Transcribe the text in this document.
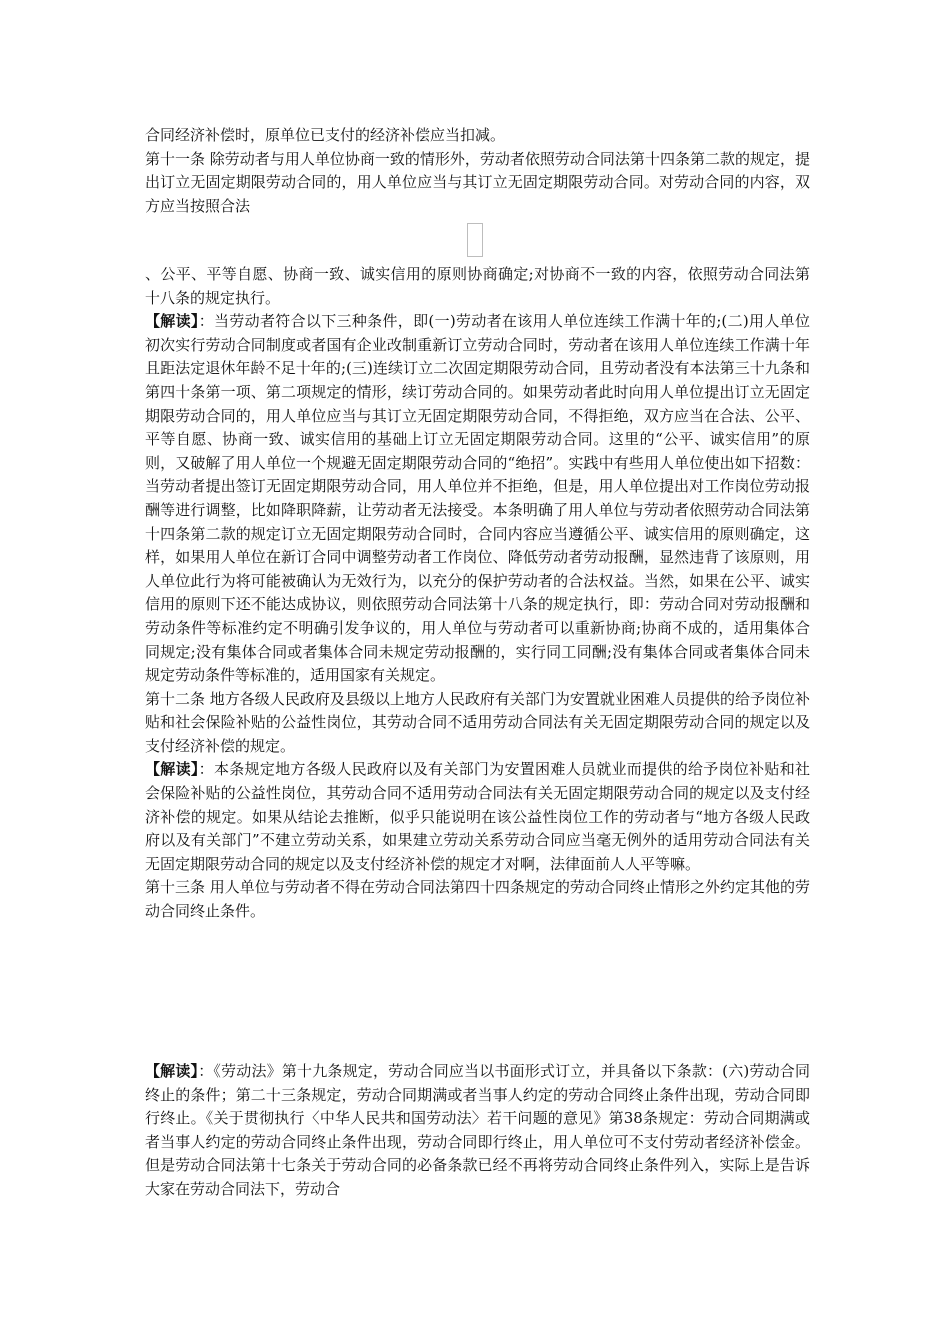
合同经济补偿时，原单位已支付的经济补偿应当扣减。

第十一条 除劳动者与用人单位协商一致的情形外，劳动者依照劳动合同法第十四条第二款的规定，提出订立无固定期限劳动合同的，用人单位应当与其订立无固定期限劳动合同。对劳动合同的内容，双方应当按照合法

、公平、平等自愿、协商一致、诚实信用的原则协商确定;对协商不一致的内容，依照劳动合同法第十八条的规定执行。

【解读】：当劳动者符合以下三种条件，即(一)劳动者在该用人单位连续工作满十年的;(二)用人单位初次实行劳动合同制度或者国有企业改制重新订立劳动合同时，劳动者在该用人单位连续工作满十年且距法定退休年龄不足十年的;(三)连续订立二次固定期限劳动合同，且劳动者没有本法第三十九条和第四十条第一项、第二项规定的情形，续订劳动合同的。如果劳动者此时向用人单位提出订立无固定期限劳动合同的，用人单位应当与其订立无固定期限劳动合同，不得拒绝，双方应当在合法、公平、平等自愿、协商一致、诚实信用的基础上订立无固定期限劳动合同。这里的“公平、诚实信用”的原则，又破解了用人单位一个规避无固定期限劳动合同的“绝招”。实践中有些用人单位使出如下招数：当劳动者提出签订无固定期限劳动合同，用人单位并不拒绝，但是，用人单位提出对工作岗位劳动报酬等进行调整，比如降职降薪，让劳动者无法接受。本条明确了用人单位与劳动者依照劳动合同法第十四条第二款的规定订立无固定期限劳动合同时，合同内容应当遵循公平、诚实信用的原则确定，这样，如果用人单位在新订合同中调整劳动者工作岗位、降低劳动者劳动报酬，显然违背了该原则，用人单位此行为将可能被确认为无效行为，以充分的保护劳动者的合法权益。当然，如果在公平、诚实信用的原则下还不能达成协议，则依照劳动合同法第十八条的规定执行，即：劳动合同对劳动报酬和劳动条件等标准约定不明确引发争议的，用人单位与劳动者可以重新协商;协商不成的，适用集体合同规定;没有集体合同或者集体合同未规定劳动报酬的，实行同工同酬;没有集体合同或者集体合同未规定劳动条件等标准的，适用国家有关规定。

第十二条 地方各级人民政府及县级以上地方人民政府有关部门为安置就业困难人员提供的给予岗位补贴和社会保险补贴的公益性岗位，其劳动合同不适用劳动合同法有关无固定期限劳动合同的规定以及支付经济补偿的规定。

【解读】：本条规定地方各级人民政府以及有关部门为安置困难人员就业而提供的给予岗位补贴和社会保险补贴的公益性岗位，其劳动合同不适用劳动合同法有关无固定期限劳动合同的规定以及支付经济补偿的规定。如果从结论去推断，似乎只能说明在该公益性岗位工作的劳动者与“地方各级人民政府以及有关部门”不建立劳动关系，如果建立劳动关系劳动合同应当毫无例外的适用劳动合同法有关无固定期限劳动合同的规定以及支付经济补偿的规定才对啊，法律面前人人平等嘛。

第十三条 用人单位与劳动者不得在劳动合同法第四十四条规定的劳动合同终止情形之外约定其他的劳动合同终止条件。

【解读】：《劳动法》第十九条规定，劳动合同应当以书面形式订立，并具备以下条款：(六)劳动合同终止的条件；第二十三条规定，劳动合同期满或者当事人约定的劳动合同终止条件出现，劳动合同即行终止。《关于贯彻执行〈中华人民共和国劳动法〉若干问题的意见》第38条规定：劳动合同期满或者当事人约定的劳动合同终止条件出现，劳动合同即行终止，用人单位可不支付劳动者经济补偿金。但是劳动合同法第十七条关于劳动合同的必备条款已经不再将劳动合同终止条件列入，实际上是告诉大家在劳动合同法下，劳动合
